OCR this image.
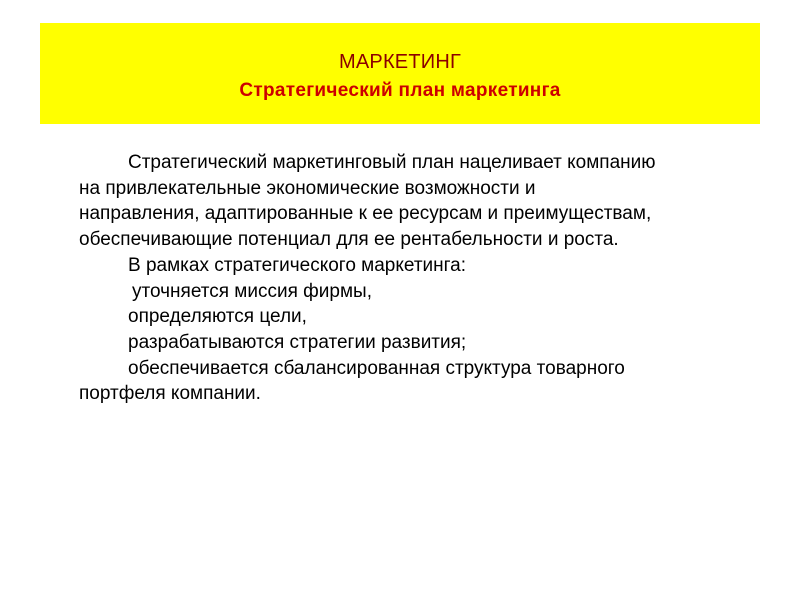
МАРКЕТИНГ
Стратегический план маркетинга
Стратегический маркетинговый план нацеливает компанию
на привлекательные экономические возможности и
направления, адаптированные к ее ресурсам и преимуществам,
обеспечивающие потенциал для ее рентабельности и роста.
В рамках стратегического маркетинга:
уточняется миссия фирмы,
определяются цели,
разрабатываются стратегии развития;
обеспечивается сбалансированная структура товарного
портфеля компании.
